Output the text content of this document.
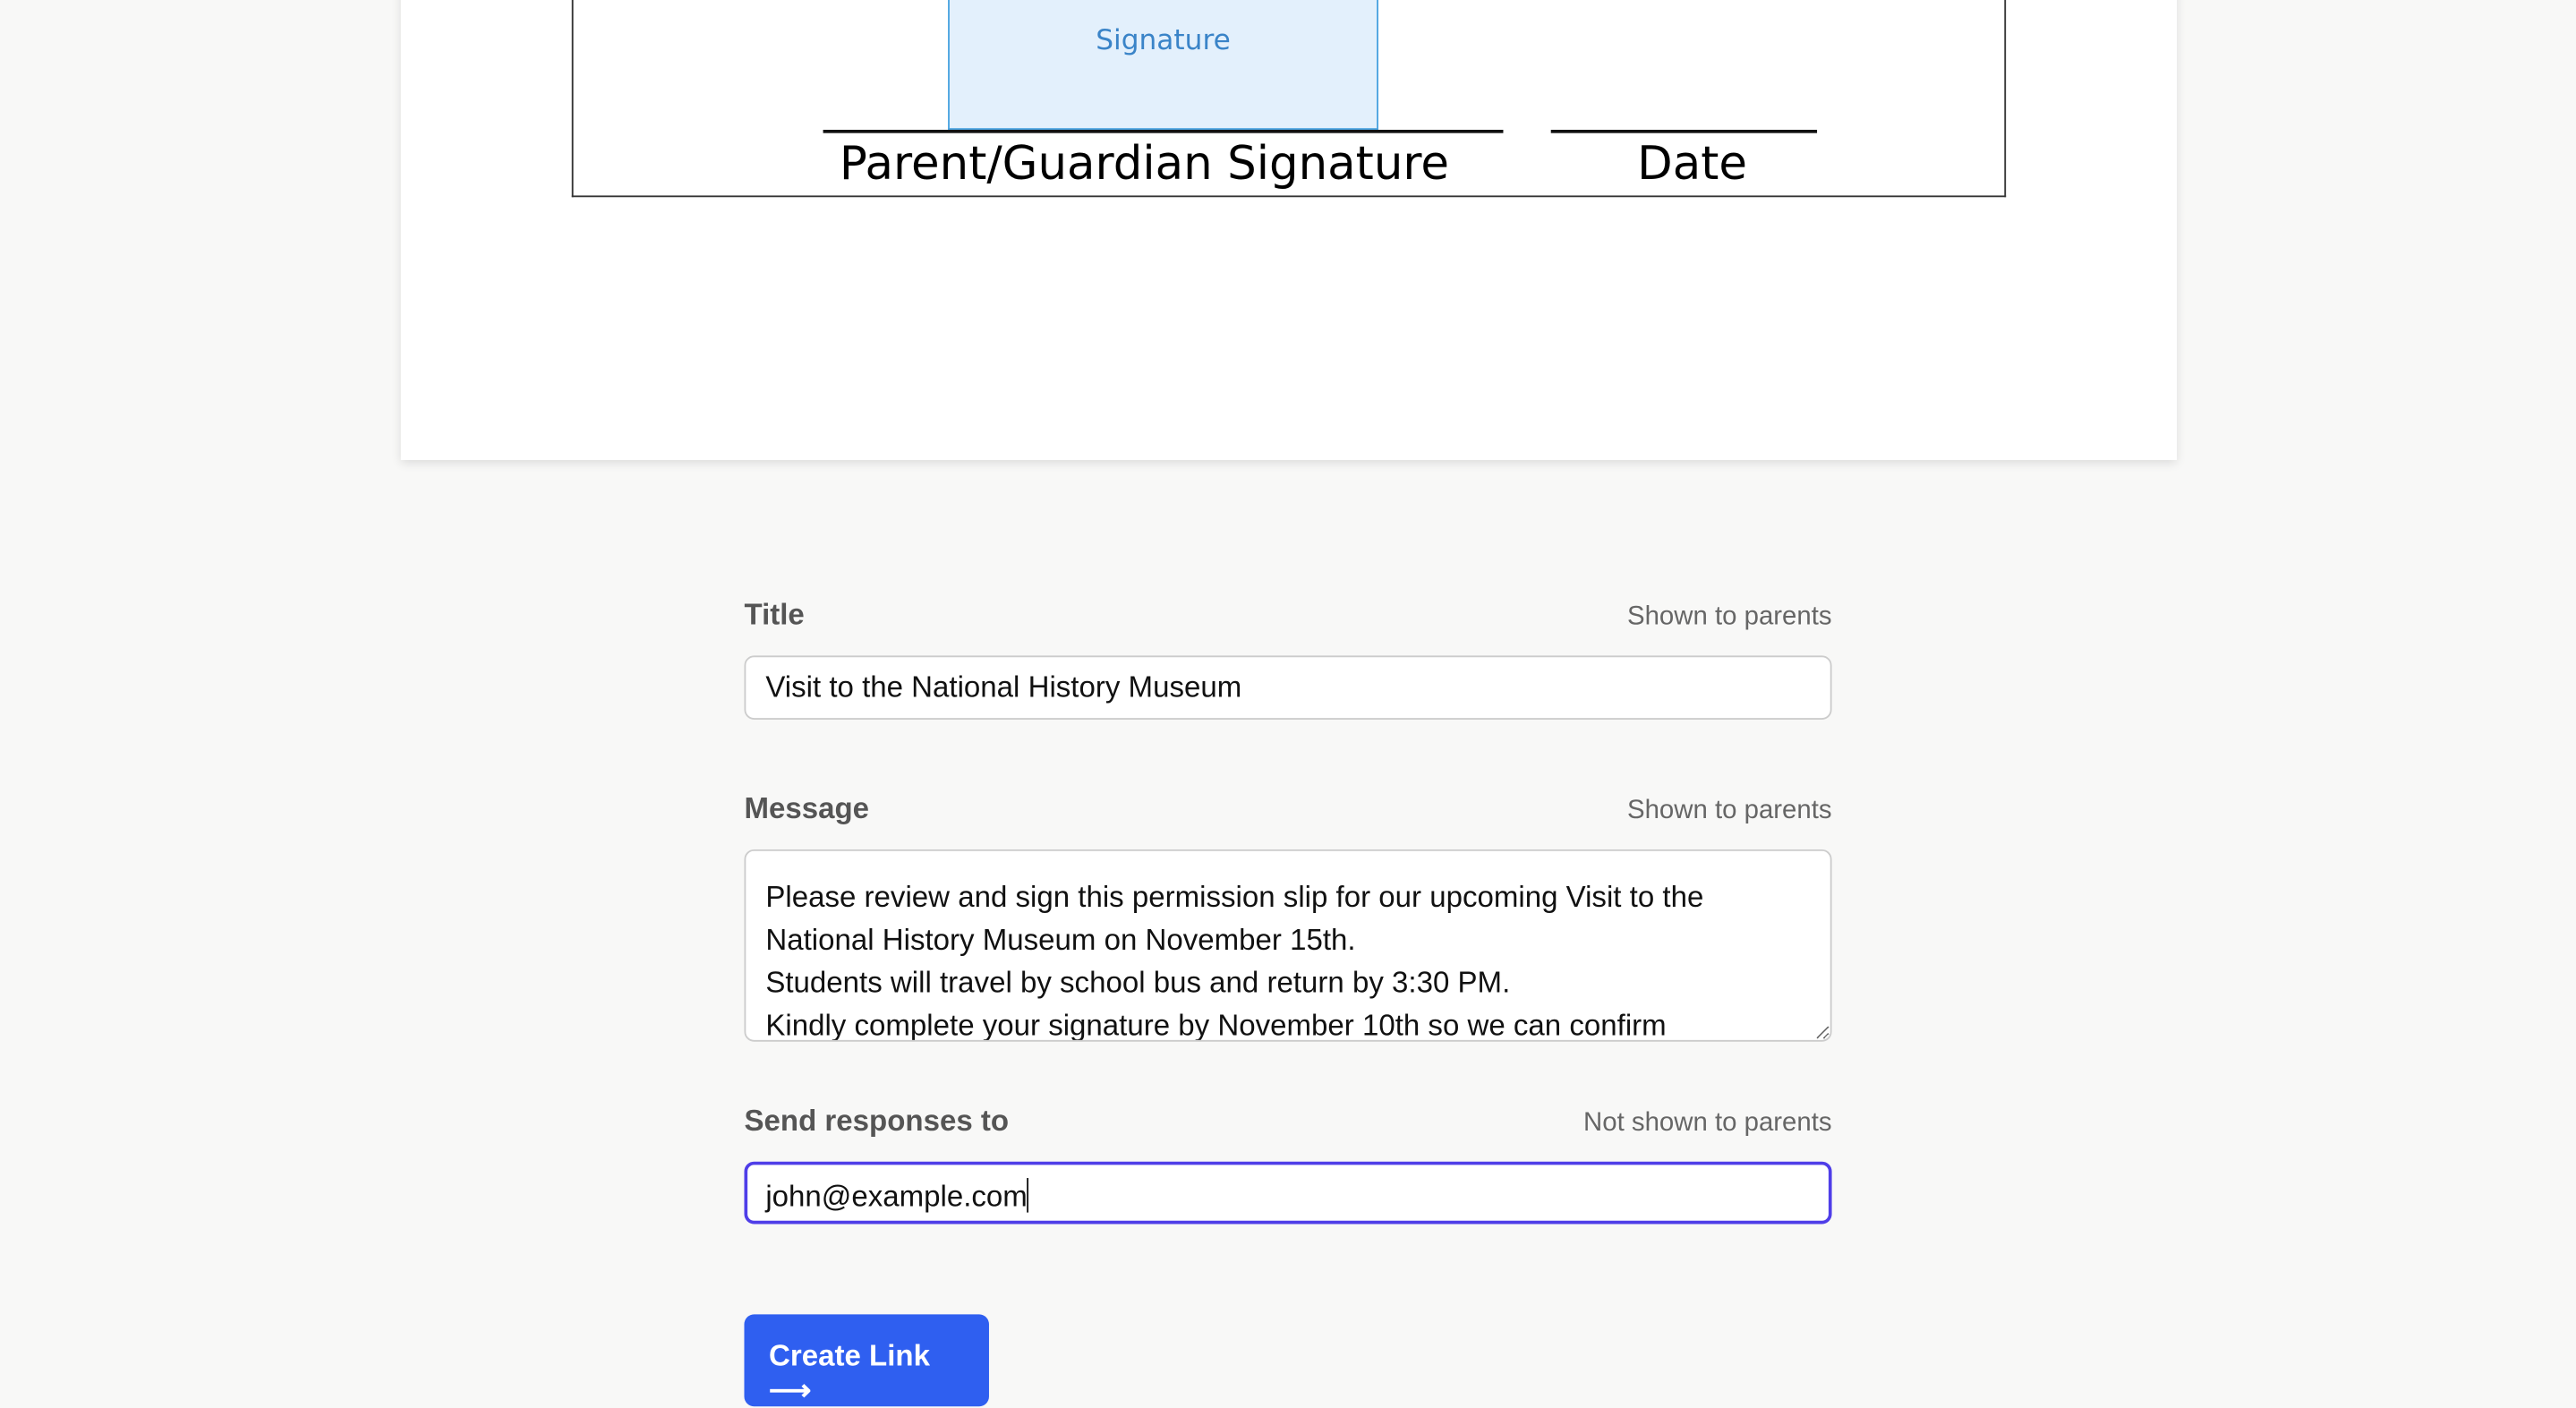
Signature
Parent/Guardian Signature	Date
Title	Shown to parents
Visit to the National History Museum
Message	Shown to parents
Please review and sign this permission slip for our upcoming Visit to the National History Museum on November 15th. Students will travel by school bus and return by 3:30 PM. Kindly complete your signature by November 10th so we can confirm
Send responses to	Not shown to parents
john@example.com
Create Link ⟶
